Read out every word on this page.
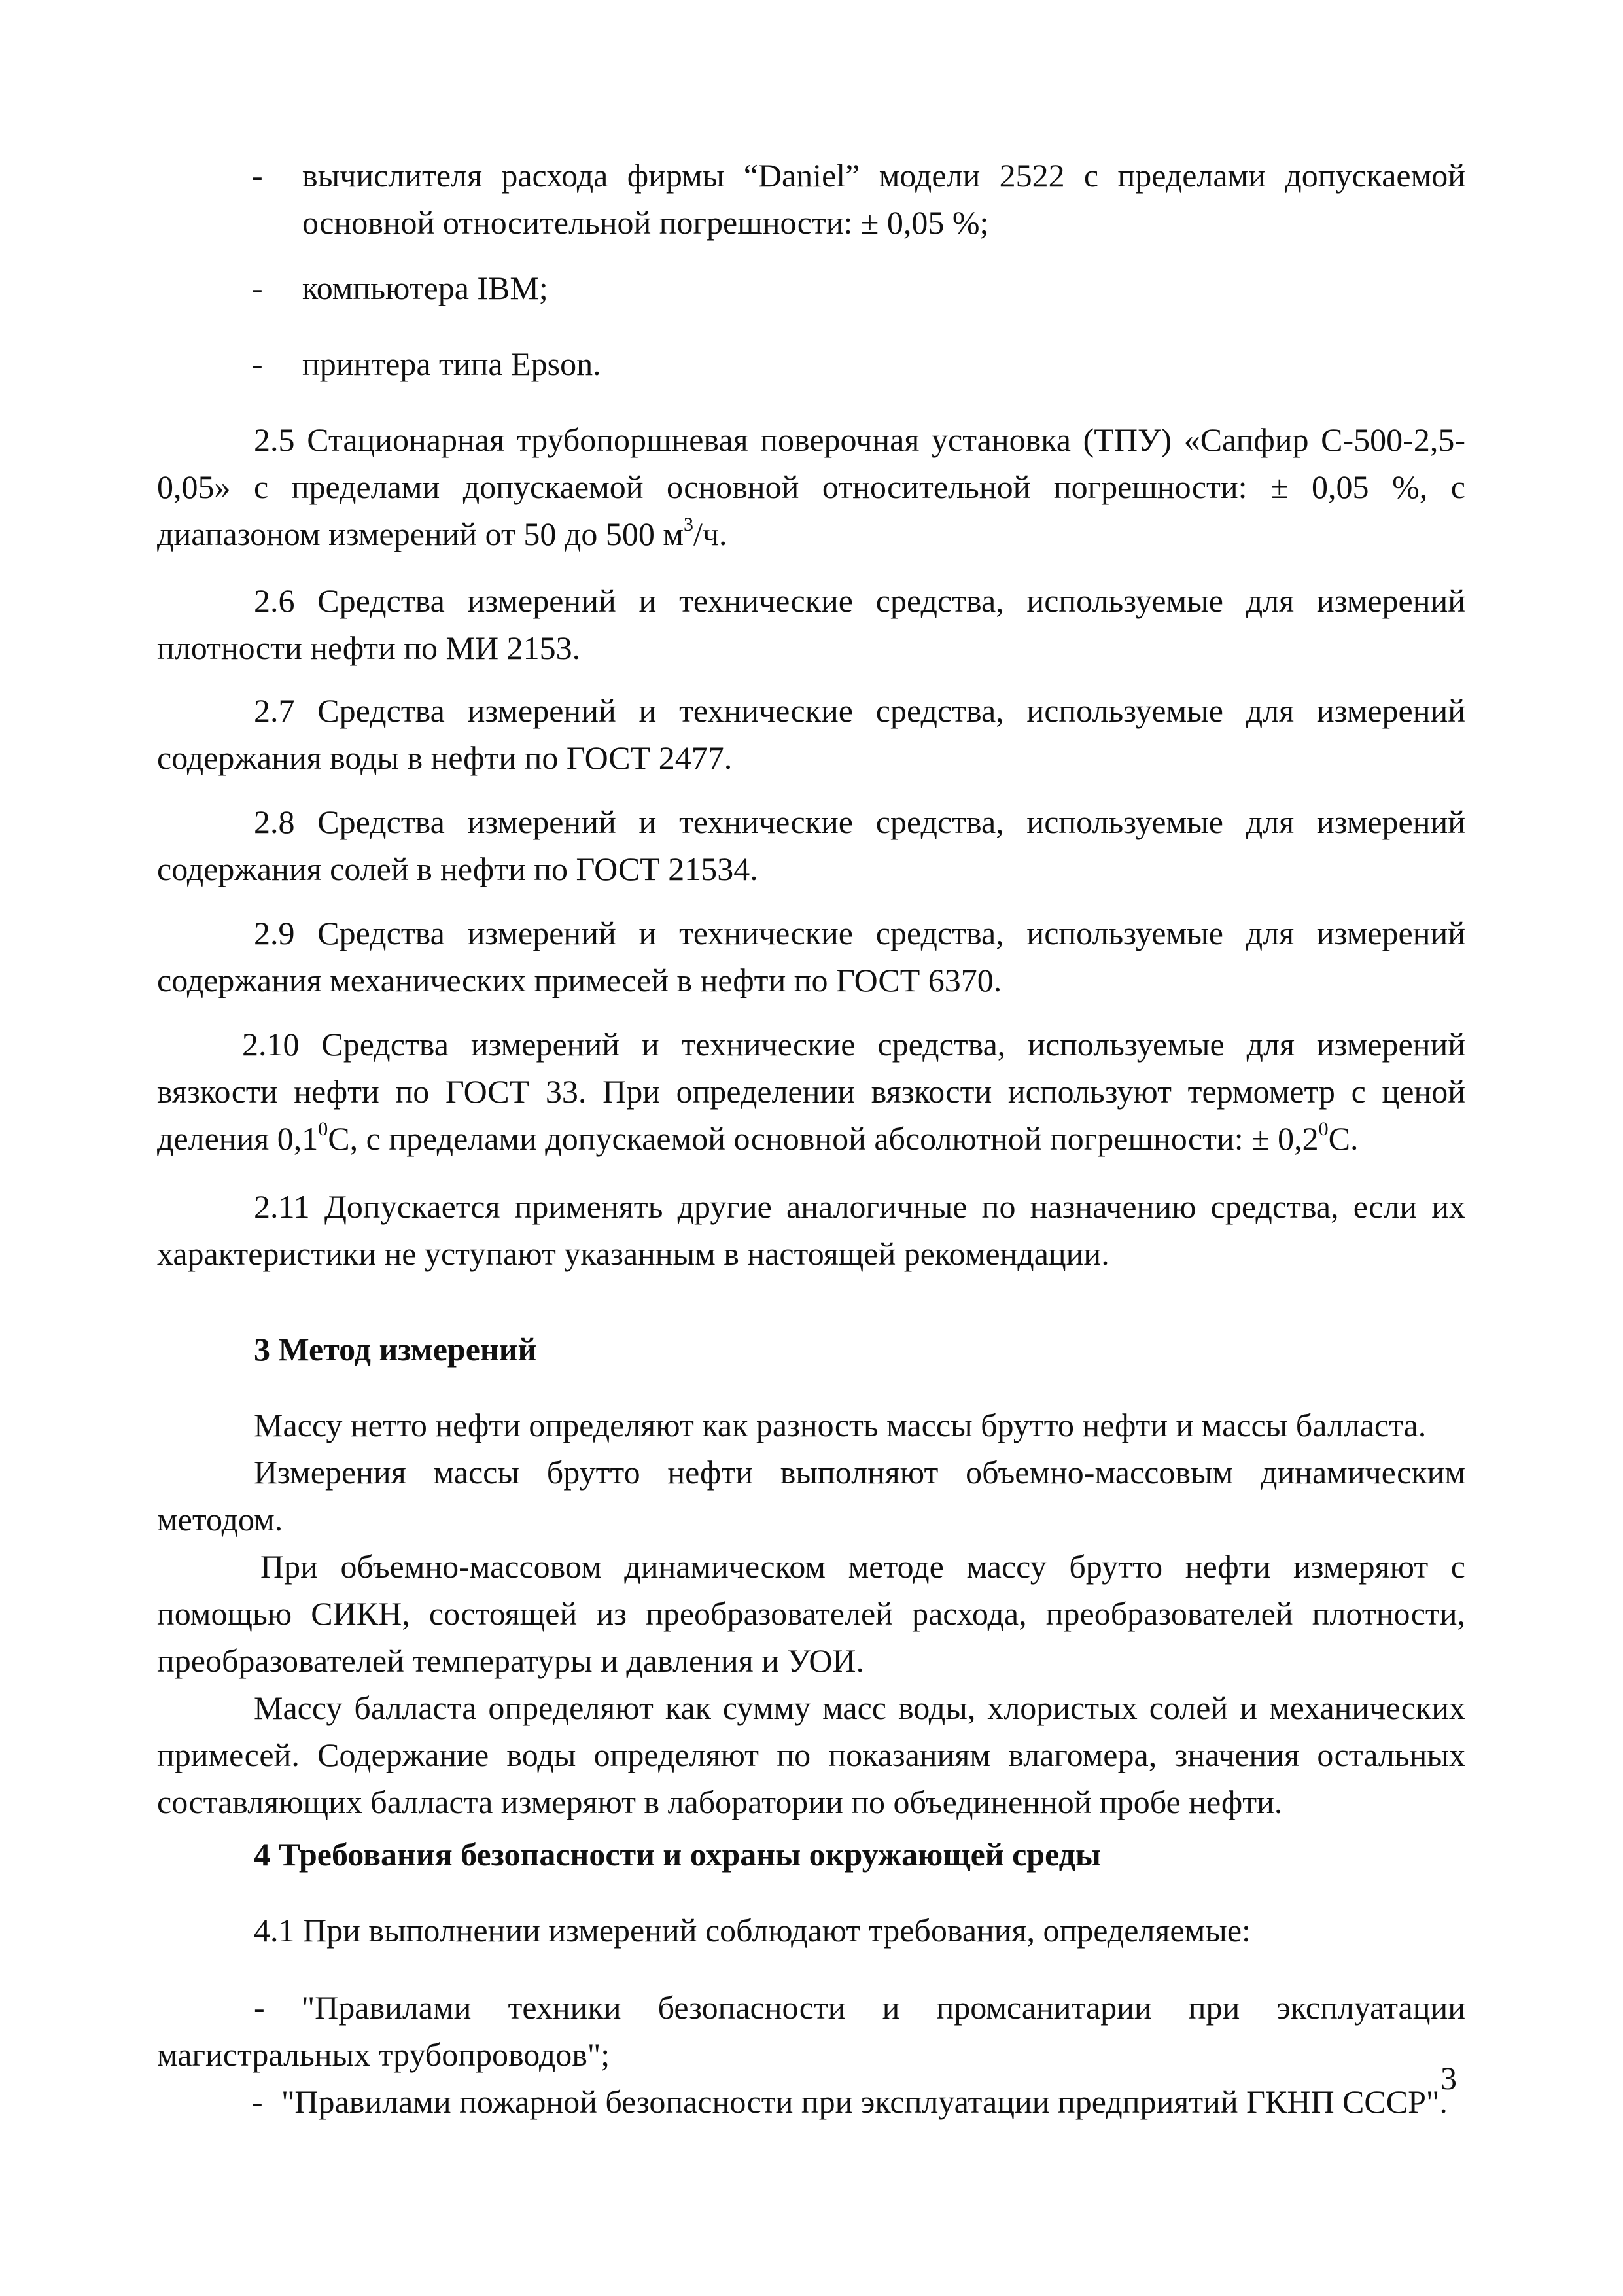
- вычислителя расхода фирмы “Daniel” модели 2522 с пределами допускаемой основной относительной погрешности: ± 0,05 %;
- компьютера IBM;
- принтера типа Epson.
2.5 Стационарная трубопоршневая поверочная установка (ТПУ) «Сапфир С-500-2,5-0,05» с пределами допускаемой основной относительной погрешности: ± 0,05 %, с диапазоном измерений от 50 до 500 $м^3/ч$.
2.6 Средства измерений и технические средства, используемые для измерений плотности нефти по МИ 2153.
2.7 Средства измерений и технические средства, используемые для измерений содержания воды в нефти по ГОСТ 2477.
2.8 Средства измерений и технические средства, используемые для измерений содержания солей в нефти по ГОСТ 21534.
2.9 Средства измерений и технические средства, используемые для измерений содержания механических примесей в нефти по ГОСТ 6370.
2.10 Средства измерений и технические средства, используемые для измерений вязкости нефти по ГОСТ 33. При определении вязкости используют термометр с ценой деления $0,1^0С$, с пределами допускаемой основной абсолютной погрешности: ± $0,2^0С$.
2.11 Допускается применять другие аналогичные по назначению средства, если их характеристики не уступают указанным в настоящей рекомендации.
3 Метод измерений
Массу нетто нефти определяют как разность массы брутто нефти и массы балласта.
Измерения массы брутто нефти выполняют объемно-массовым динамическим методом.
При объемно-массовом динамическом методе массу брутто нефти измеряют с помощью СИКН, состоящей из преобразователей расхода, преобразователей плотности, преобразователей температуры и давления и УОИ.
Массу балласта определяют как сумму масс воды, хлористых солей и механических примесей. Содержание воды определяют по показаниям влагомера, значения остальных составляющих балласта измеряют в лаборатории по объединенной пробе нефти.
4 Требования безопасности и охраны окружающей среды
4.1 При выполнении измерений соблюдают требования, определяемые:
- "Правилами техники безопасности и промсанитарии при эксплуатации магистральных трубопроводов";
- "Правилами пожарной безопасности при эксплуатации предприятий ГКНП СССР".
3
